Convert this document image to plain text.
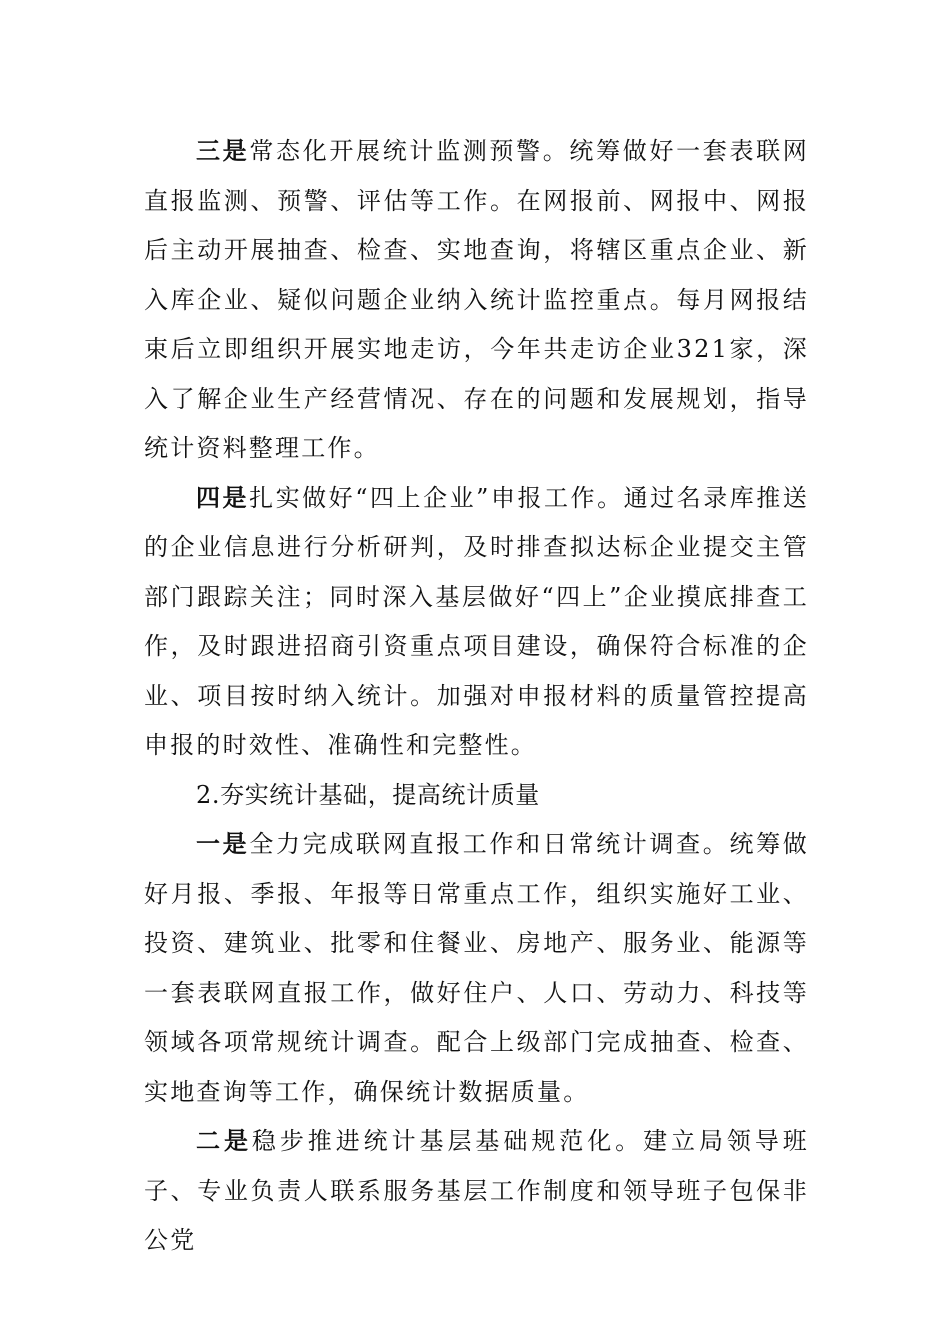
三是常态化开展统计监测预警。统筹做好一套表联网直报监测、预警、评估等工作。在网报前、网报中、网报后主动开展抽查、检查、实地查询，将辖区重点企业、新入库企业、疑似问题企业纳入统计监控重点。每月网报结束后立即组织开展实地走访，今年共走访企业321家，深入了解企业生产经营情况、存在的问题和发展规划，指导统计资料整理工作。

四是扎实做好“四上企业”申报工作。通过名录库推送的企业信息进行分析研判，及时排查拟达标企业提交主管部门跟踪关注；同时深入基层做好“四上”企业摸底排查工作，及时跟进招商引资重点项目建设，确保符合标准的企业、项目按时纳入统计。加强对申报材料的质量管控提高申报的时效性、准确性和完整性。

2.夯实统计基础，提高统计质量

一是全力完成联网直报工作和日常统计调查。统筹做好月报、季报、年报等日常重点工作，组织实施好工业、投资、建筑业、批零和住餐业、房地产、服务业、能源等一套表联网直报工作，做好住户、人口、劳动力、科技等领域各项常规统计调查。配合上级部门完成抽查、检查、实地查询等工作，确保统计数据质量。

二是稳步推进统计基层基础规范化。建立局领导班子、专业负责人联系服务基层工作制度和领导班子包保非公党
